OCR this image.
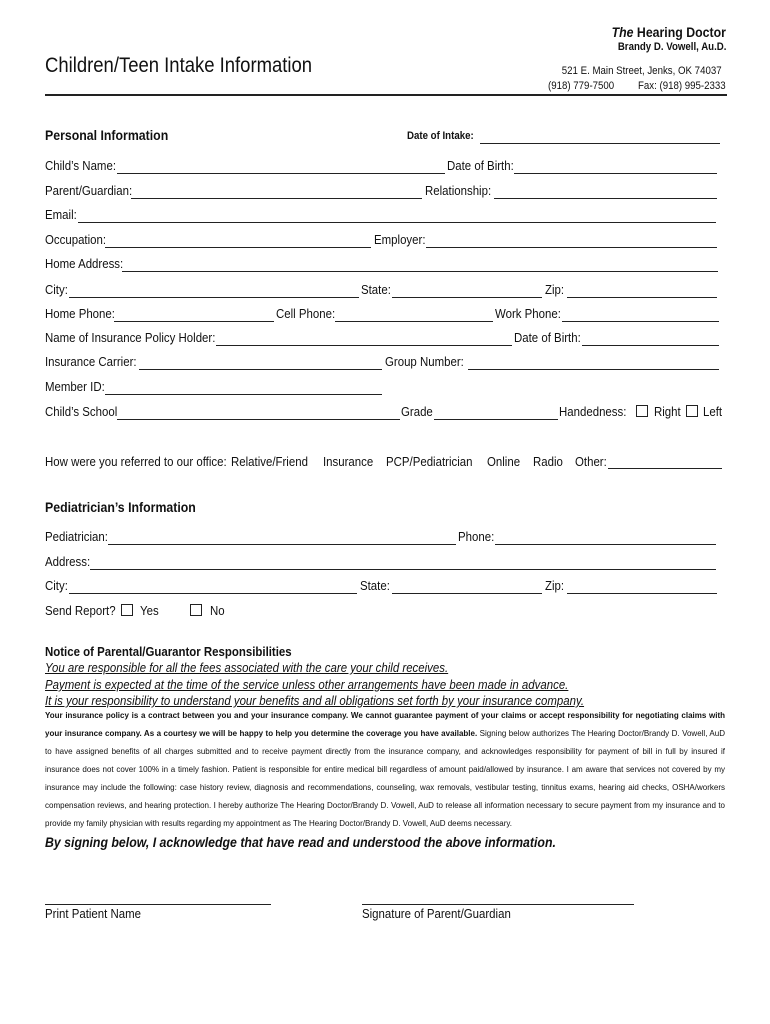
The Hearing Doctor
Brandy D. Vowell, Au.D.
Children/Teen Intake Information	521 E. Main Street, Jenks, OK 74037
(918) 779-7500 Fax: (918) 995-2333
Personal Information	Date of Intake:
Child’s Name:	Date of Birth:
Parent/Guardian:	Relationship:
Email:
Occupation:	Employer:
Home Address:
City:	State:	Zip:
Home Phone:	Cell Phone:	Work Phone:
Name of Insurance Policy Holder:	Date of Birth:
Insurance Carrier:	Group Number:
Member ID:
Child’s School	Grade	Handedness: Right Left
How were you referred to our office: Relative/Friend Insurance PCP/Pediatrician Online Radio Other:
Pediatrician’s Information
Pediatrician:	Phone:
Address:
City:	State:	Zip:
Send Report? Yes	No
Notice of Parental/Guarantor Responsibilities
You are responsible for all the fees associated with the care your child receives.
Payment is expected at the time of the service unless other arrangements have been made in advance.
It is your responsibility to understand your benefits and all obligations set forth by your insurance company.
Your insurance policy is a contract between you and your insurance company. We cannot guarantee payment of your claims or accept responsibility for negotiating claims with your insurance company. As a courtesy we will be happy to help you determine the coverage you have available. Signing below authorizes The Hearing Doctor/Brandy D. Vowell, AuD to have assigned benefits of all charges submitted and to receive payment directly from the insurance company, and acknowledges responsibility for payment of bill in full by insured if insurance does not cover 100% in a timely fashion. Patient is responsible for entire medical bill regardless of amount paid/allowed by insurance. I am aware that services not covered by my insurance may include the following: case history review, diagnosis and recommendations, counseling, wax removals, vestibular testing, tinnitus exams, hearing aid checks, OSHA/workers compensation reviews, and hearing protection. I hereby authorize The Hearing Doctor/Brandy D. Vowell, AuD to release all information necessary to secure payment from my insurance and to provide my family physician with results regarding my appointment as The Hearing Doctor/Brandy D. Vowell, AuD deems necessary.
By signing below, I acknowledge that have read and understood the above information.
Print Patient Name	Signature of Parent/Guardian
